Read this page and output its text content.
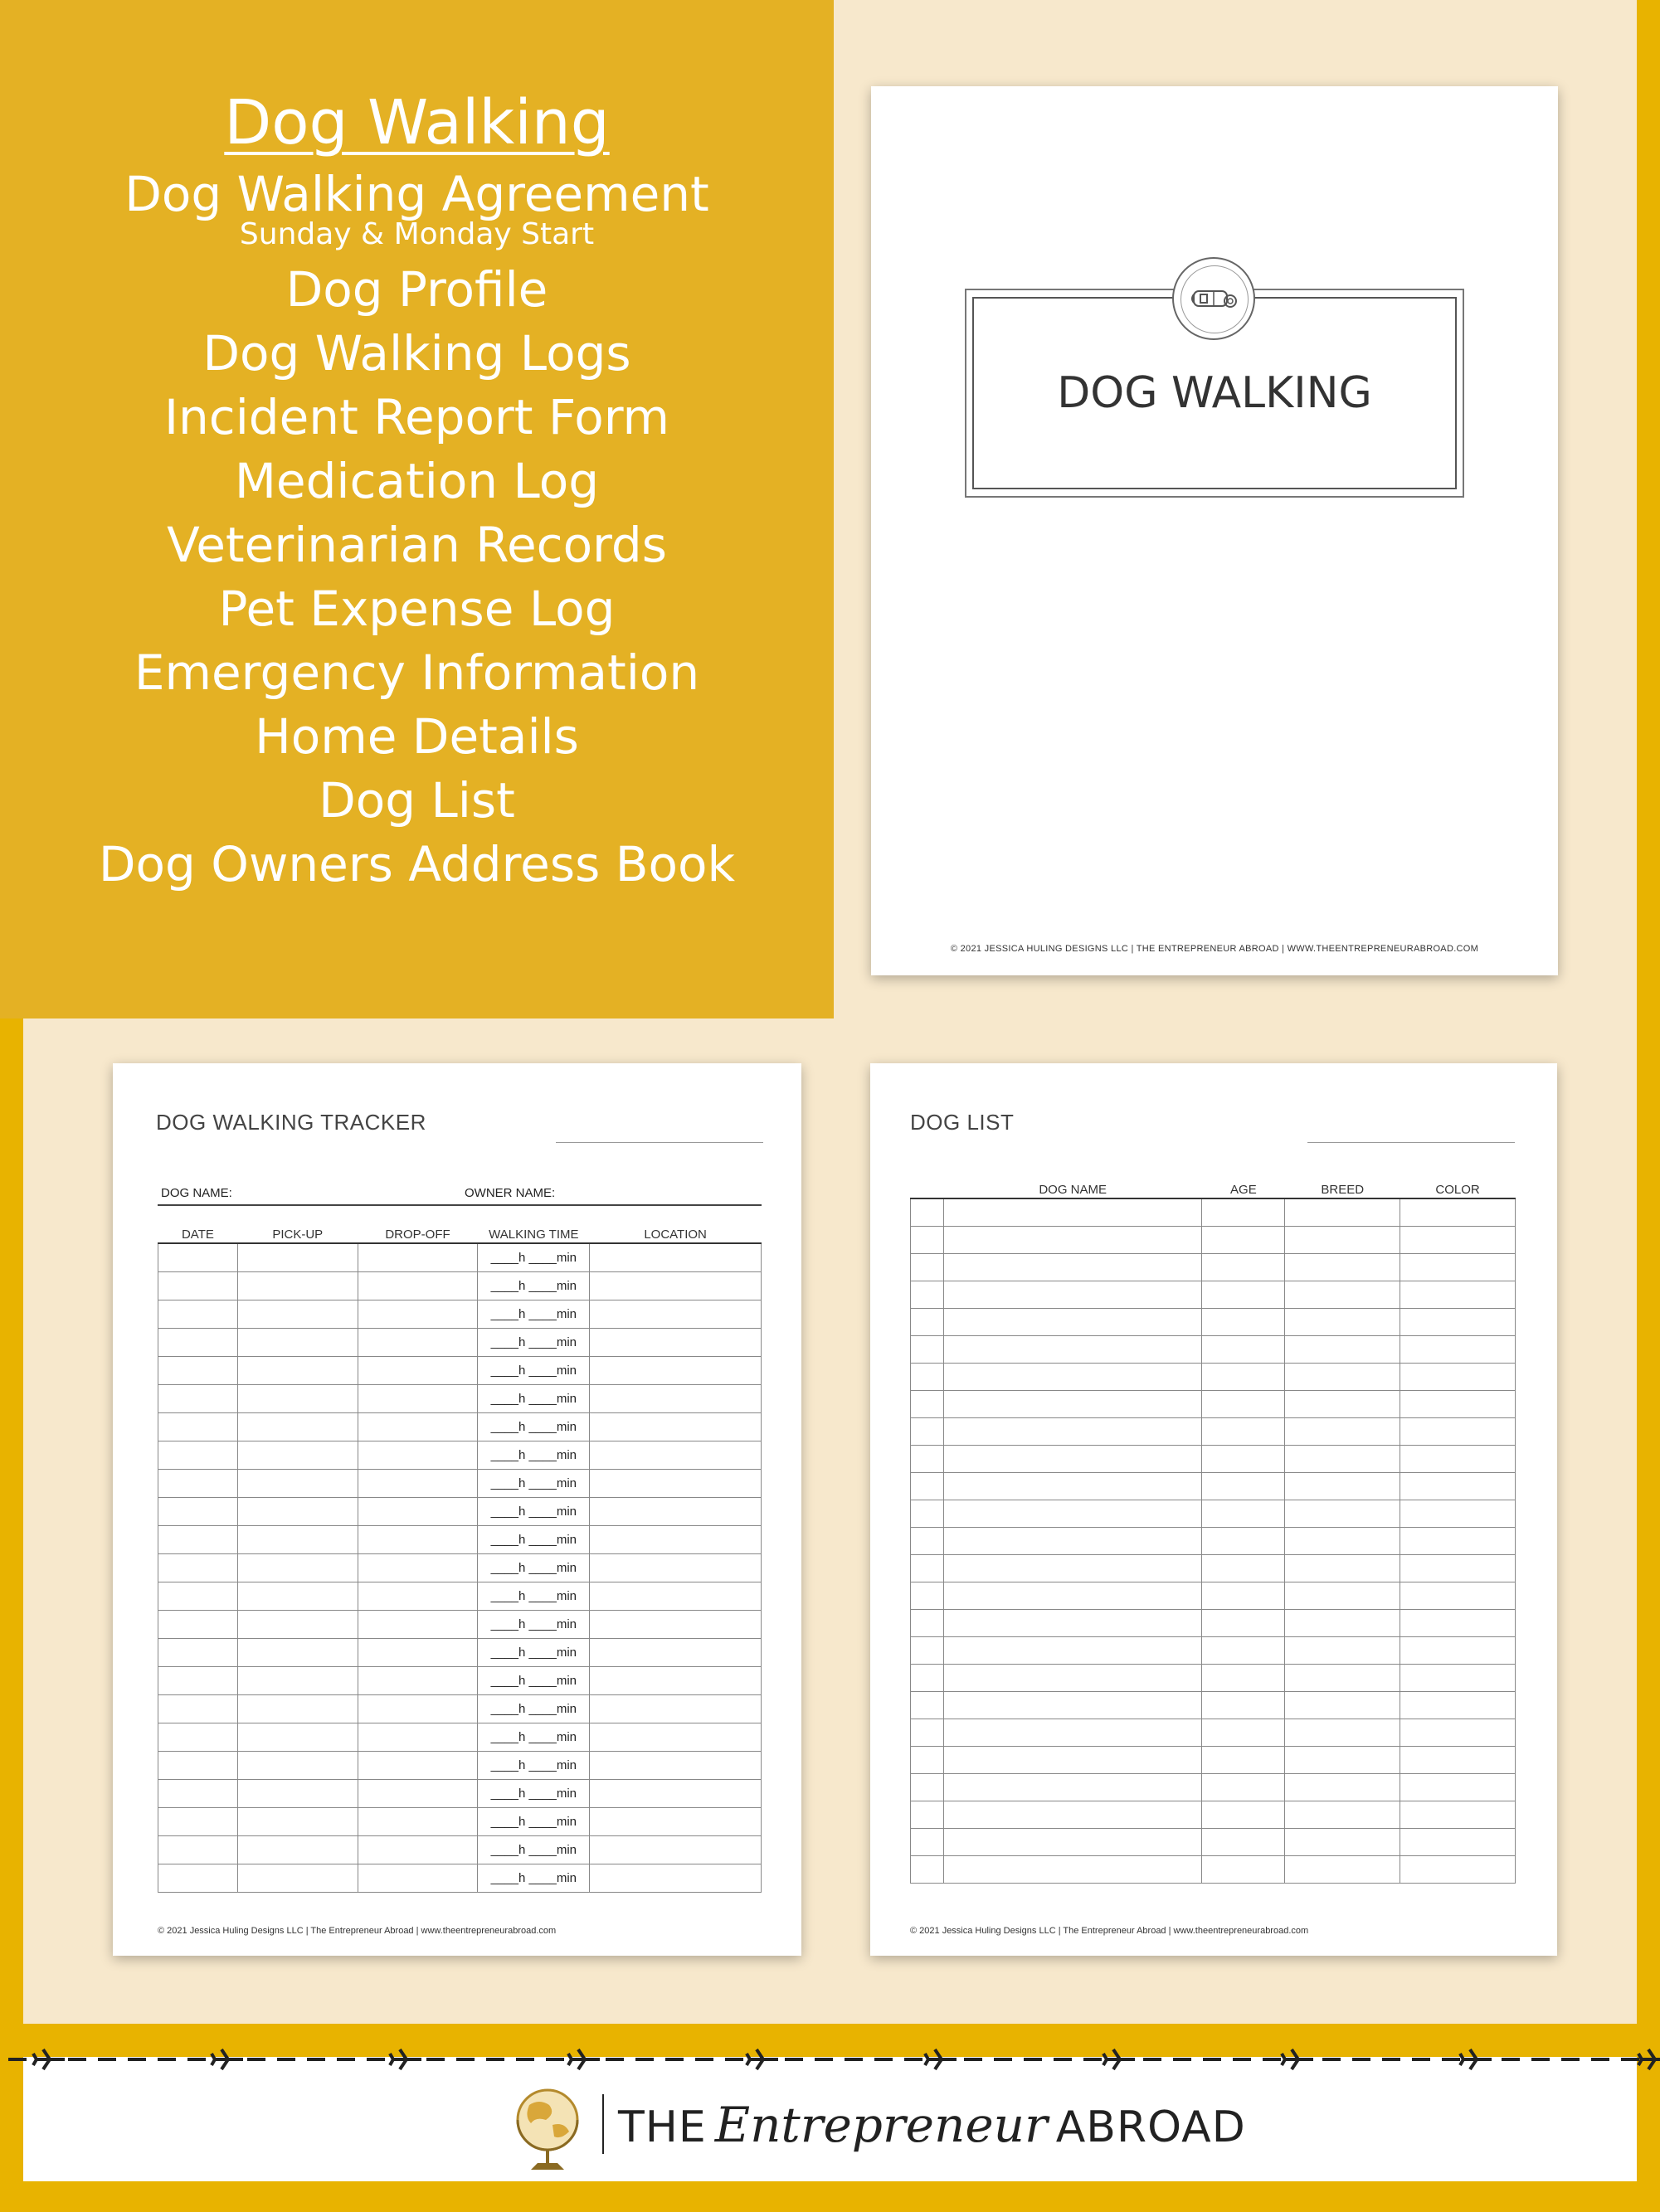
Dog Walking
Dog Walking Agreement
Sunday & Monday Start
Dog Profile
Dog Walking Logs
Incident Report Form
Medication Log
Veterinarian Records
Pet Expense Log
Emergency Information
Home Details
Dog List
Dog Owners Address Book
DOG WALKING
© 2021 JESSICA HULING DESIGNS LLC | THE ENTREPRENEUR ABROAD | WWW.THEENTREPRENEURABROAD.COM
DOG WALKING TRACKER
DOG NAME:	OWNER NAME:
DATE	PICK-UP	DROP-OFF	WALKING TIME	LOCATION
			____h ____min	
			____h ____min	
			____h ____min	
			____h ____min	
			____h ____min	
			____h ____min	
			____h ____min	
			____h ____min	
			____h ____min	
			____h ____min	
			____h ____min	
			____h ____min	
			____h ____min	
			____h ____min	
			____h ____min	
			____h ____min	
			____h ____min	
			____h ____min	
			____h ____min	
			____h ____min	
			____h ____min	
			____h ____min	
			____h ____min	
© 2021 Jessica Huling Designs LLC | The Entrepreneur Abroad | www.theentrepreneurabroad.com
DOG LIST
	DOG NAME	AGE	BREED	COLOR

© 2021 Jessica Huling Designs LLC | The Entrepreneur Abroad | www.theentrepreneurabroad.com
THE Entrepreneur ABROAD
